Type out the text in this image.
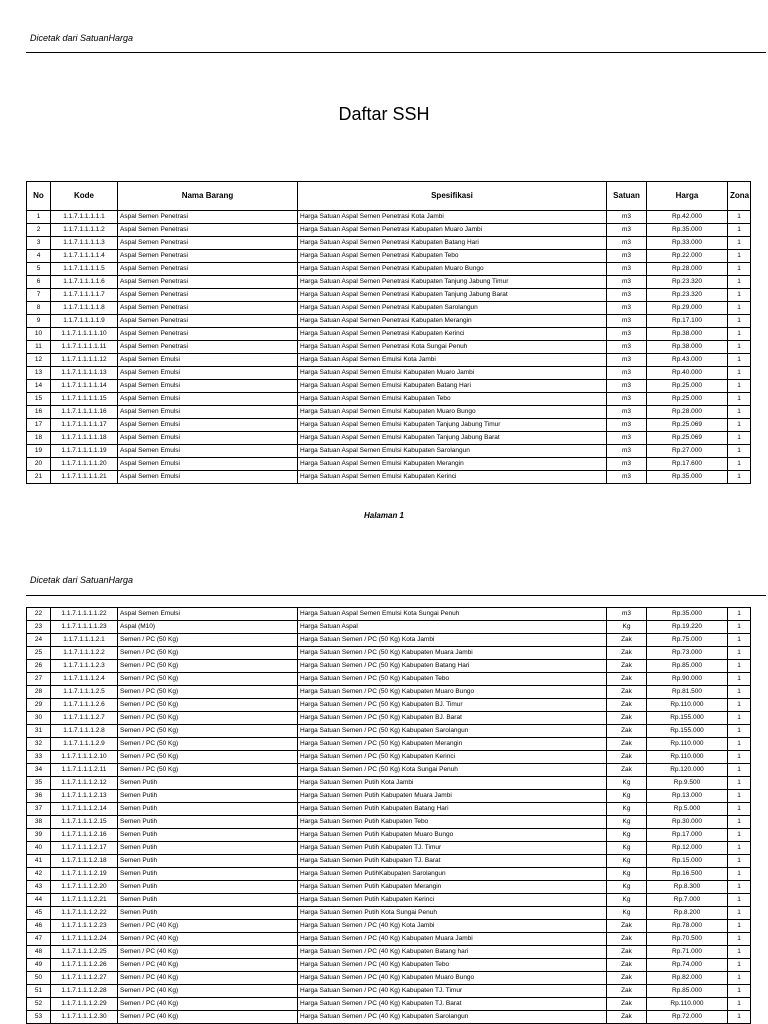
Dicetak dari SatuanHarga
Daftar SSH
No	Kode	Nama Barang	Spesifikasi	Satuan	Harga	Zona
1	1.1.7.1.1.1.1.1	Aspal Semen Penetrasi	Harga Satuan Aspal Semen Penetrasi Kota Jambi	m3	Rp.42.000	1
2	1.1.7.1.1.1.1.2	Aspal Semen Penetrasi	Harga Satuan Aspal Semen Penetrasi Kabupaten Muaro Jambi	m3	Rp.35.000	1
3	1.1.7.1.1.1.1.3	Aspal Semen Penetrasi	Harga Satuan Aspal Semen Penetrasi Kabupaten Batang Hari	m3	Rp.33.000	1
4	1.1.7.1.1.1.1.4	Aspal Semen Penetrasi	Harga Satuan Aspal Semen Penetrasi Kabupaten Tebo	m3	Rp.22.000	1
5	1.1.7.1.1.1.1.5	Aspal Semen Penetrasi	Harga Satuan Aspal Semen Penetrasi Kabupaten Muaro Bungo	m3	Rp.28.000	1
6	1.1.7.1.1.1.1.6	Aspal Semen Penetrasi	Harga Satuan Aspal Semen Penetrasi Kabupaten Tanjung Jabung Timur	m3	Rp.23.320	1
7	1.1.7.1.1.1.1.7	Aspal Semen Penetrasi	Harga Satuan Aspal Semen Penetrasi Kabupaten Tanjung Jabung Barat	m3	Rp.23.320	1
8	1.1.7.1.1.1.1.8	Aspal Semen Penetrasi	Harga Satuan Aspal Semen Penetrasi Kabupaten Sarolangun	m3	Rp.29.000	1
9	1.1.7.1.1.1.1.9	Aspal Semen Penetrasi	Harga Satuan Aspal Semen Penetrasi Kabupaten Merangin	m3	Rp.17.100	1
10	1.1.7.1.1.1.1.10	Aspal Semen Penetrasi	Harga Satuan Aspal Semen Penetrasi Kabupaten Kerinci	m3	Rp.38.000	1
11	1.1.7.1.1.1.1.11	Aspal Semen Penetrasi	Harga Satuan Aspal Semen Penetrasi Kota Sungai Penuh	m3	Rp.38.000	1
12	1.1.7.1.1.1.1.12	Aspal Semen Emulsi	Harga Satuan Aspal Semen Emulsi Kota Jambi	m3	Rp.43.000	1
13	1.1.7.1.1.1.1.13	Aspal Semen Emulsi	Harga Satuan Aspal Semen Emulsi Kabupaten Muaro Jambi	m3	Rp.40.000	1
14	1.1.7.1.1.1.1.14	Aspal Semen Emulsi	Harga Satuan Aspal Semen Emulsi Kabupaten Batang Hari	m3	Rp.25.000	1
15	1.1.7.1.1.1.1.15	Aspal Semen Emulsi	Harga Satuan Aspal Semen Emulsi Kabupaten Tebo	m3	Rp.25.000	1
16	1.1.7.1.1.1.1.16	Aspal Semen Emulsi	Harga Satuan Aspal Semen Emulsi Kabupaten Muaro Bungo	m3	Rp.28.000	1
17	1.1.7.1.1.1.1.17	Aspal Semen Emulsi	Harga Satuan Aspal Semen Emulsi Kabupaten Tanjung Jabung Timur	m3	Rp.25.069	1
18	1.1.7.1.1.1.1.18	Aspal Semen Emulsi	Harga Satuan Aspal Semen Emulsi Kabupaten Tanjung Jabung Barat	m3	Rp.25.069	1
19	1.1.7.1.1.1.1.19	Aspal Semen Emulsi	Harga Satuan Aspal Semen Emulsi Kabupaten Sarolangun	m3	Rp.27.000	1
20	1.1.7.1.1.1.1.20	Aspal Semen Emulsi	Harga Satuan Aspal Semen Emulsi Kabupaten Merangin	m3	Rp.17.600	1
21	1.1.7.1.1.1.1.21	Aspal Semen Emulsi	Harga Satuan Aspal Semen Emulsi Kabupaten Kerinci	m3	Rp.35.000	1
Halaman 1
Dicetak dari SatuanHarga
22	1.1.7.1.1.1.1.22	Aspal Semen Emulsi	Harga Satuan Aspal Semen Emulsi Kota Sungai Penuh	m3	Rp.35.000	1
23	1.1.7.1.1.1.1.23	Aspal (M10)	Harga Satuan Aspal	Kg	Rp.19.220	1
24	1.1.7.1.1.1.2.1	Semen / PC (50 Kg)	Harga Satuan Semen / PC (50 Kg) Kota Jambi	Zak	Rp.75.000	1
25	1.1.7.1.1.1.2.2	Semen / PC (50 Kg)	Harga Satuan Semen / PC (50 Kg) Kabupaten Muara Jambi	Zak	Rp.73.000	1
26	1.1.7.1.1.1.2.3	Semen / PC (50 Kg)	Harga Satuan Semen / PC (50 Kg) Kabupaten Batang Hari	Zak	Rp.85.000	1
27	1.1.7.1.1.1.2.4	Semen / PC (50 Kg)	Harga Satuan Semen / PC (50 Kg) Kabupaten Tebo	Zak	Rp.90.000	1
28	1.1.7.1.1.1.2.5	Semen / PC (50 Kg)	Harga Satuan Semen / PC (50 Kg) Kabupaten Muaro Bungo	Zak	Rp.81.500	1
29	1.1.7.1.1.1.2.6	Semen / PC (50 Kg)	Harga Satuan Semen / PC (50 Kg) Kabupaten BJ. Timur	Zak	Rp.110.000	1
30	1.1.7.1.1.1.2.7	Semen / PC (50 Kg)	Harga Satuan Semen / PC (50 Kg) Kabupaten BJ. Barat	Zak	Rp.155.000	1
31	1.1.7.1.1.1.2.8	Semen / PC (50 Kg)	Harga Satuan Semen / PC (50 Kg) Kabupaten Sarolangun	Zak	Rp.155.000	1
32	1.1.7.1.1.1.2.9	Semen / PC (50 Kg)	Harga Satuan Semen / PC (50 Kg) Kabupaten Merangin	Zak	Rp.110.000	1
33	1.1.7.1.1.1.2.10	Semen / PC (50 Kg)	Harga Satuan Semen / PC (50 Kg) Kabupaten Kerinci	Zak	Rp.110.000	1
34	1.1.7.1.1.1.2.11	Semen / PC (50 Kg)	Harga Satuan Semen / PC (50 Kg) Kota Sungai Penuh	Zak	Rp.120.000	1
35	1.1.7.1.1.1.2.12	Semen Putih	Harga Satuan Semen Putih Kota Jambi	Kg	Rp.9.500	1
36	1.1.7.1.1.1.2.13	Semen Putih	Harga Satuan Semen Putih Kabupaten Muara Jambi	Kg	Rp.13.000	1
37	1.1.7.1.1.1.2.14	Semen Putih	Harga Satuan Semen Putih Kabupaten Batang Hari	Kg	Rp.5.000	1
38	1.1.7.1.1.1.2.15	Semen Putih	Harga Satuan Semen Putih Kabupaten Tebo	Kg	Rp.30.000	1
39	1.1.7.1.1.1.2.16	Semen Putih	Harga Satuan Semen Putih Kabupaten Muaro Bungo	Kg	Rp.17.000	1
40	1.1.7.1.1.1.2.17	Semen Putih	Harga Satuan Semen Putih Kabupaten TJ. Timur	Kg	Rp.12.000	1
41	1.1.7.1.1.1.2.18	Semen Putih	Harga Satuan Semen Putih Kabupaten TJ. Barat	Kg	Rp.15.000	1
42	1.1.7.1.1.1.2.19	Semen Putih	Harga Satuan Semen PutihKabupaten Sarolangun	Kg	Rp.16.500	1
43	1.1.7.1.1.1.2.20	Semen Putih	Harga Satuan Semen Putih Kabupaten Merangin	Kg	Rp.8.300	1
44	1.1.7.1.1.1.2.21	Semen Putih	Harga Satuan Semen Putih Kabupaten Kerinci	Kg	Rp.7.000	1
45	1.1.7.1.1.1.2.22	Semen Putih	Harga Satuan Semen Putih Kota Sungai Penuh	Kg	Rp.8.200	1
46	1.1.7.1.1.1.2.23	Semen / PC (40 Kg)	Harga Satuan Semen / PC (40 Kg) Kota Jambi	Zak	Rp.78.000	1
47	1.1.7.1.1.1.2.24	Semen / PC (40 Kg)	Harga Satuan Semen / PC (40 Kg) Kabupaten Muara Jambi	Zak	Rp.70.500	1
48	1.1.7.1.1.1.2.25	Semen / PC (40 Kg)	Harga Satuan Semen / PC (40 Kg) Kabupaten Batang hari	Zak	Rp.71.000	1
49	1.1.7.1.1.1.2.26	Semen / PC (40 Kg)	Harga Satuan Semen / PC (40 Kg) Kabupaten Tebo	Zak	Rp.74.000	1
50	1.1.7.1.1.1.2.27	Semen / PC (40 Kg)	Harga Satuan Semen / PC (40 Kg) Kabupaten Muaro Bungo	Zak	Rp.82.000	1
51	1.1.7.1.1.1.2.28	Semen / PC (40 Kg)	Harga Satuan Semen / PC (40 Kg) Kabupaten TJ. Timur	Zak	Rp.85.000	1
52	1.1.7.1.1.1.2.29	Semen / PC (40 Kg)	Harga Satuan Semen / PC (40 Kg) Kabupaten TJ. Barat	Zak	Rp.110.000	1
53	1.1.7.1.1.1.2.30	Semen / PC (40 Kg)	Harga Satuan Semen / PC (40 Kg) Kabupaten Sarolangun	Zak	Rp.72.000	1
